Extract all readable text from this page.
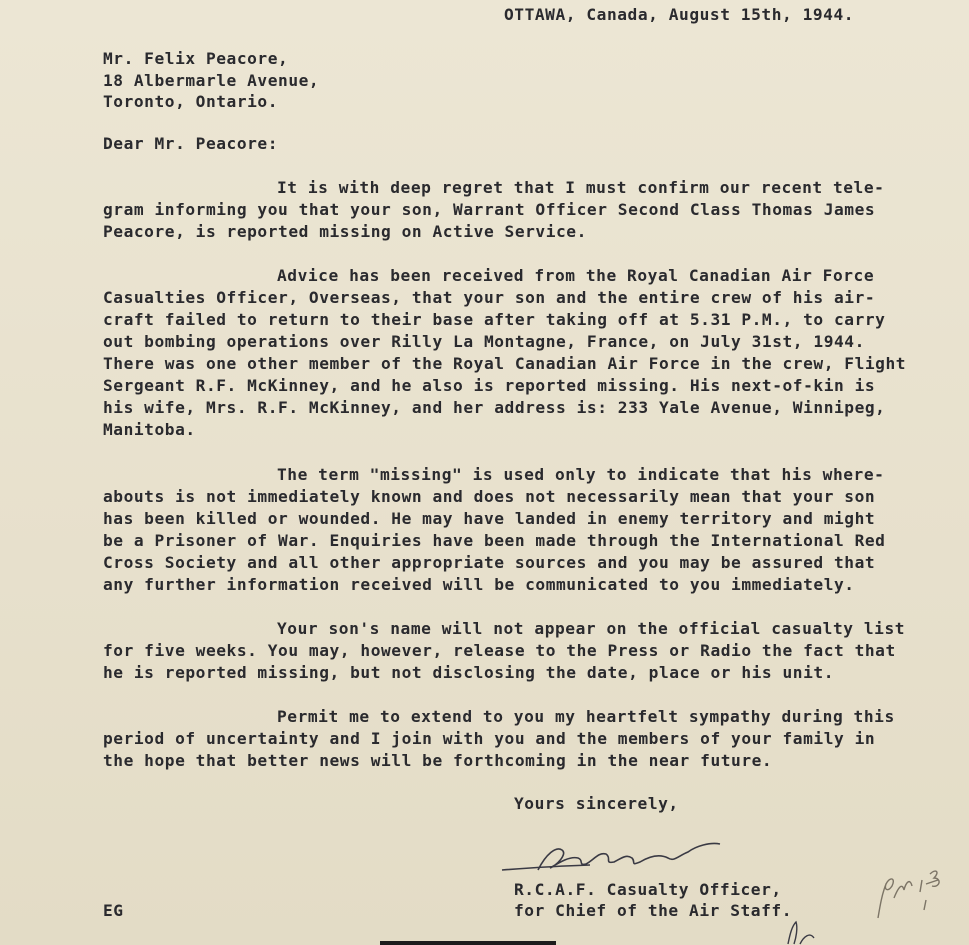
OTTAWA, Canada, August 15th, 1944.
Mr. Felix Peacore,
18 Albermarle Avenue,
Toronto, Ontario.
Dear Mr. Peacore:
It is with deep regret that I must confirm our recent tele-
gram informing you that your son, Warrant Officer Second Class Thomas James
Peacore, is reported missing on Active Service.
Advice has been received from the Royal Canadian Air Force
Casualties Officer, Overseas, that your son and the entire crew of his air-
craft failed to return to their base after taking off at 5.31 P.M., to carry
out bombing operations over Rilly La Montagne, France, on July 31st, 1944.
There was one other member of the Royal Canadian Air Force in the crew, Flight
Sergeant R.F. McKinney, and he also is reported missing. His next-of-kin is
his wife, Mrs. R.F. McKinney, and her address is: 233 Yale Avenue, Winnipeg,
Manitoba.
The term "missing" is used only to indicate that his where-
abouts is not immediately known and does not necessarily mean that your son
has been killed or wounded. He may have landed in enemy territory and might
be a Prisoner of War. Enquiries have been made through the International Red
Cross Society and all other appropriate sources and you may be assured that
any further information received will be communicated to you immediately.
Your son's name will not appear on the official casualty list
for five weeks. You may, however, release to the Press or Radio the fact that
he is reported missing, but not disclosing the date, place or his unit.
Permit me to extend to you my heartfelt sympathy during this
period of uncertainty and I join with you and the members of your family in
the hope that better news will be forthcoming in the near future.
Yours sincerely,
R.C.A.F. Casualty Officer,
for Chief of the Air Staff.
EG
